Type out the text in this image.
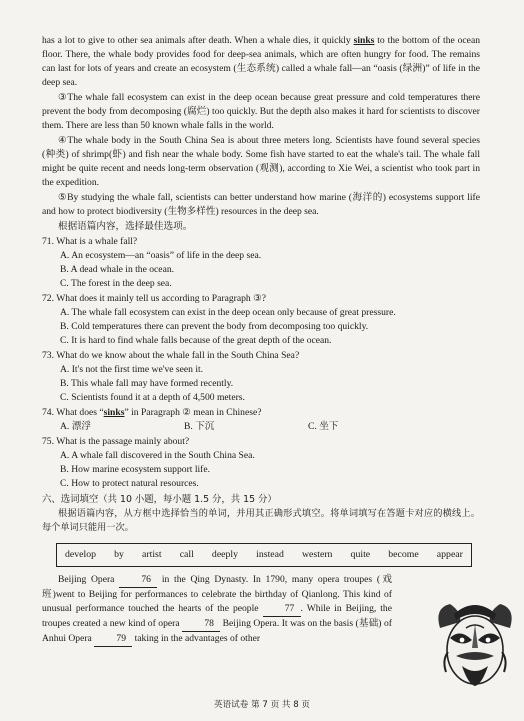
has a lot to give to other sea animals after death. When a whale dies, it quickly sinks to the bottom of the ocean floor. There, the whale body provides food for deep-sea animals, which are often hungry for food. The remains can last for lots of years and create an ecosystem (生态系统) called a whale fall—an “oasis (绿洲)” of life in the deep sea.

③The whale fall ecosystem can exist in the deep ocean because great pressure and cold temperatures there prevent the body from decomposing (腐烂) too quickly. But the depth also makes it hard for scientists to discover them. There are less than 50 known whale falls in the world.

④The whale body in the South China Sea is about three meters long. Scientists have found several species (种类) of shrimp(虾) and fish near the whale body. Some fish have started to eat the whale's tail. The whale fall might be quite recent and needs long-term observation (观测), according to Xie Wei, a scientist who took part in the expedition.

⑤By studying the whale fall, scientists can better understand how marine (海洋的) ecosystems support life and how to protect biodiversity (生物多样性) resources in the deep sea.

根据语篇内容，选择最佳选项。

71. What is a whale fall?

A. An ecosystem—an “oasis” of life in the deep sea.

B. A dead whale in the ocean.

C. The forest in the deep sea.

72. What does it mainly tell us according to Paragraph ③?

A. The whale fall ecosystem can exist in the deep ocean only because of great pressure.

B. Cold temperatures there can prevent the body from decomposing too quickly.

C. It is hard to find whale falls because of the great depth of the ocean.

73. What do we know about the whale fall in the South China Sea?

A. It's not the first time we've seen it.

B. This whale fall may have formed recently.

C. Scientists found it at a depth of 4,500 meters.

74. What does “sinks” in Paragraph ② mean in Chinese?

A. 漂浮	B. 下沉	C. 坐下

75. What is the passage mainly about?

A. A whale fall discovered in the South China Sea.

B. How marine ecosystem support life.

C. How to protect natural resources.

六、选词填空（共 10 小题，每小题 1.5 分，共 15 分）

根据语篇内容，从方框中选择恰当的单词，并用其正确形式填空。将单词填写在答题卡对应的横线上。每个单词只能用一次。

develop by artist call deeply instead western quite become appear

Beijing Opera 76 in the Qing Dynasty. In 1790, many opera troupes (戏班)went to Beijing for performances to celebrate the birthday of Qianlong. This kind of unusual performance touched the hearts of the people 77 . While in Beijing, the troupes created a new kind of opera 78 Beijing Opera. It was on the basis (基础) of Anhui Opera 79 taking in the advantages of other

英语试卷 第 7 页 共 8 页
